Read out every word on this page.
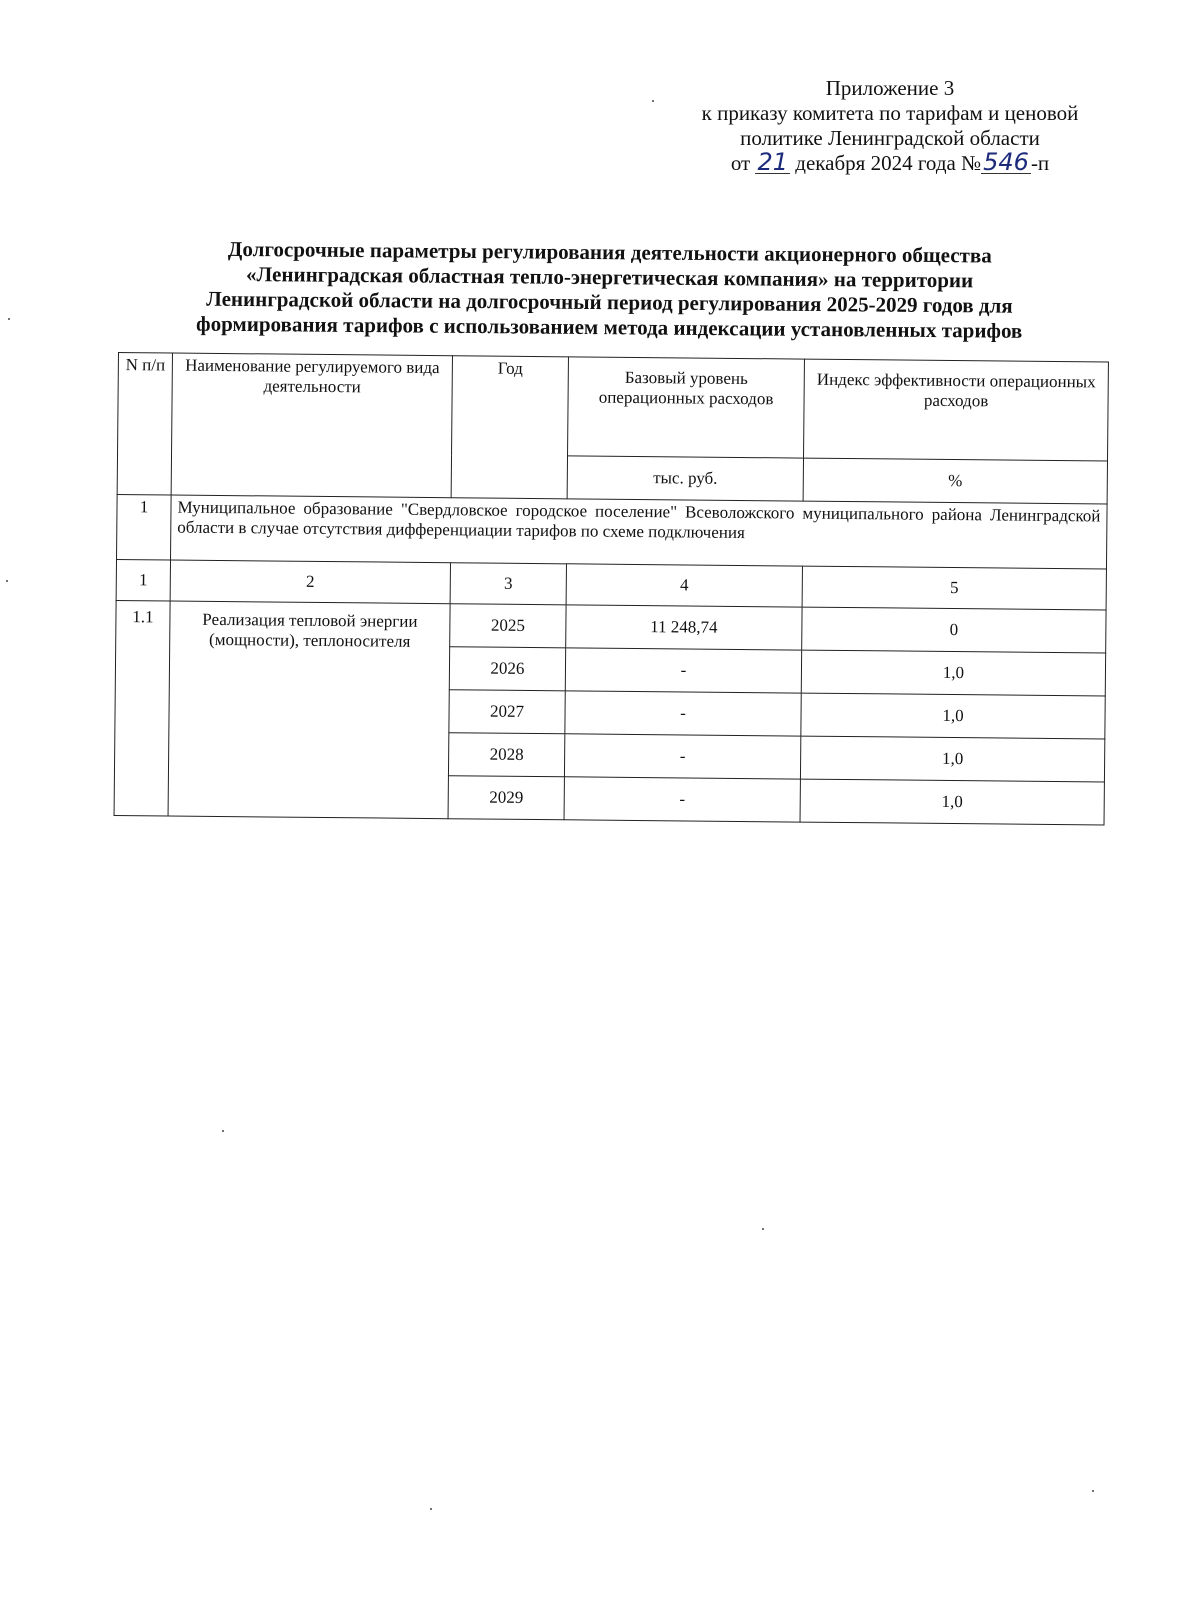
Приложение 3
к приказу комитета по тарифам и ценовой
политике Ленинградской области
от 21 декабря 2024 года №546-п
Долгосрочные параметры регулирования деятельности акционерного общества
«Ленинградская областная тепло-энергетическая компания» на территории
Ленинградской области на долгосрочный период регулирования 2025-2029 годов для
формирования тарифов с использованием метода индексации установленных тарифов
N п/п	Наименование регулируемого вида деятельности	Год	Базовый уровень операционных расходов	Индекс эффективности операционных расходов
			тыс. руб.	%
1	Муниципальное образование "Свердловское городское поселение" Всеволожского муниципального района Ленинградской области в случае отсутствия дифференциации тарифов по схеме подключения			
1	2	3	4	5
1.1	Реализация тепловой энергии (мощности), теплоносителя	2025	11 248,74	0
		2026	-	1,0
		2027	-	1,0
		2028	-	1,0
		2029	-	1,0
